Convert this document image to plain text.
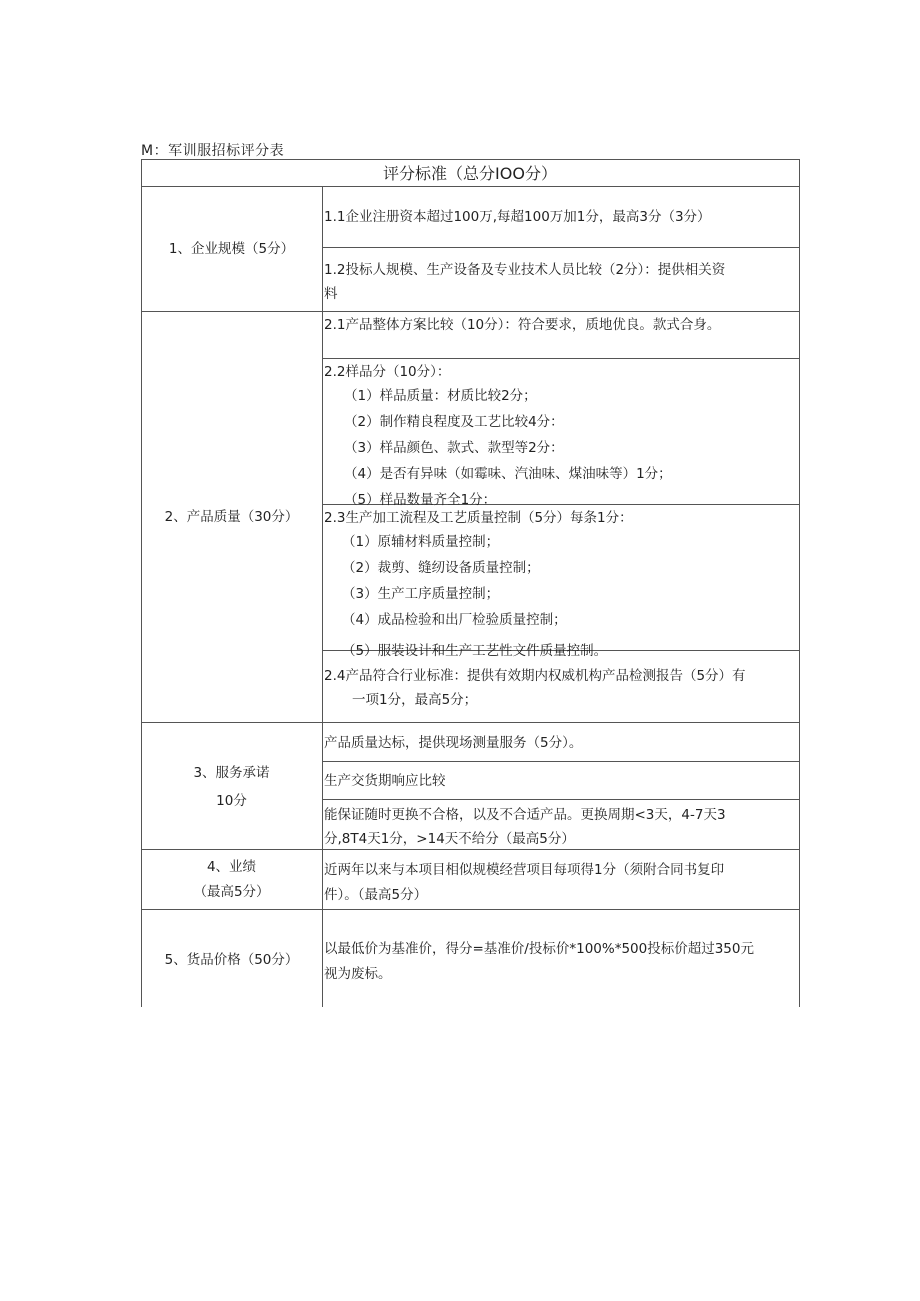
M：军训服招标评分表
评分标准（总分IOO分）
1、企业规模（5分）
1.1企业注册资本超过100万,每超100万加1分，最高3分（3分）
1.2投标人规模、生产设备及专业技术人员比较（2分）：提供相关资
料
2、产品质量（30分）
2.1产品整体方案比较（10分）：符合要求，质地优良。款式合身。
2.2样品分（10分）：
（1）样品质量：材质比较2分；
（2）制作精良程度及工艺比较4分：
（3）样品颜色、款式、款型等2分：
（4）是否有异味（如霉味、汽油味、煤油味等）1分；
（5）样品数量齐全1分：
2.3生产加工流程及工艺质量控制（5分）每条1分：
（1）原辅材料质量控制；
（2）裁剪、缝纫设备质量控制；
（3）生产工序质量控制；
（4）成品检验和出厂检验质量控制；
（5）服装设计和生产工艺性文件质量控制。
2.4产品符合行业标准：提供有效期内权威机构产品检测报告（5分）有
一项1分，最高5分；
3、服务承诺
10分
产品质量达标，提供现场测量服务（5分）。
生产交货期响应比较
能保证随时更换不合格，以及不合适产品。更换周期<3天，4-7天3
分,8T4天1分，>14天不给分（最高5分）
4、业绩
（最高5分）
近两年以来与本项目相似规模经营项目每项得1分（须附合同书复印
件）。（最高5分）
5、货品价格（50分）
以最低价为基准价，得分=基准价/投标价*100%*500投标价超过350元
视为废标。
